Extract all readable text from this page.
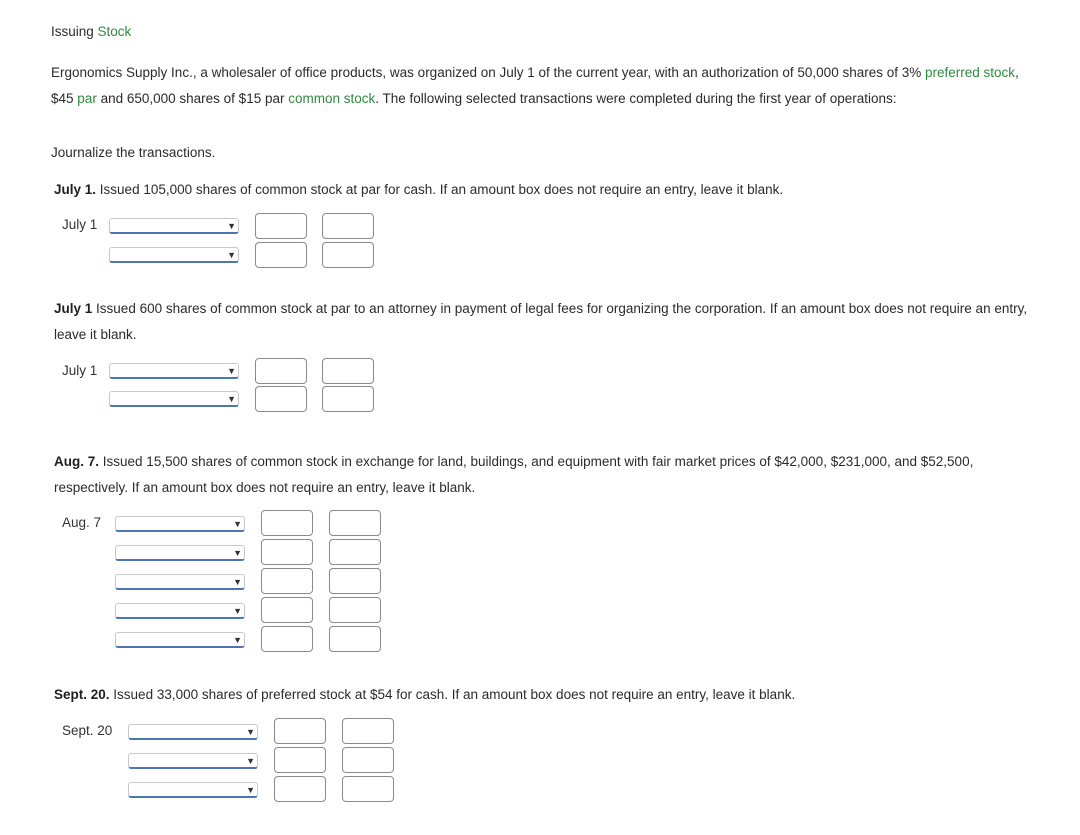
Issuing Stock
Ergonomics Supply Inc., a wholesaler of office products, was organized on July 1 of the current year, with an authorization of 50,000 shares of 3% preferred stock, $45 par and 650,000 shares of $15 par common stock. The following selected transactions were completed during the first year of operations:
Journalize the transactions.
July 1. Issued 105,000 shares of common stock at par for cash. If an amount box does not require an entry, leave it blank.
July 1	▼
▼
July 1 Issued 600 shares of common stock at par to an attorney in payment of legal fees for organizing the corporation. If an amount box does not require an entry, leave it blank.
July 1	▼
▼
Aug. 7. Issued 15,500 shares of common stock in exchange for land, buildings, and equipment with fair market prices of $42,000, $231,000, and $52,500, respectively. If an amount box does not require an entry, leave it blank.
Aug. 7	▼
▼
▼
▼
▼
Sept. 20. Issued 33,000 shares of preferred stock at $54 for cash. If an amount box does not require an entry, leave it blank.
Sept. 20	▼
▼
▼
